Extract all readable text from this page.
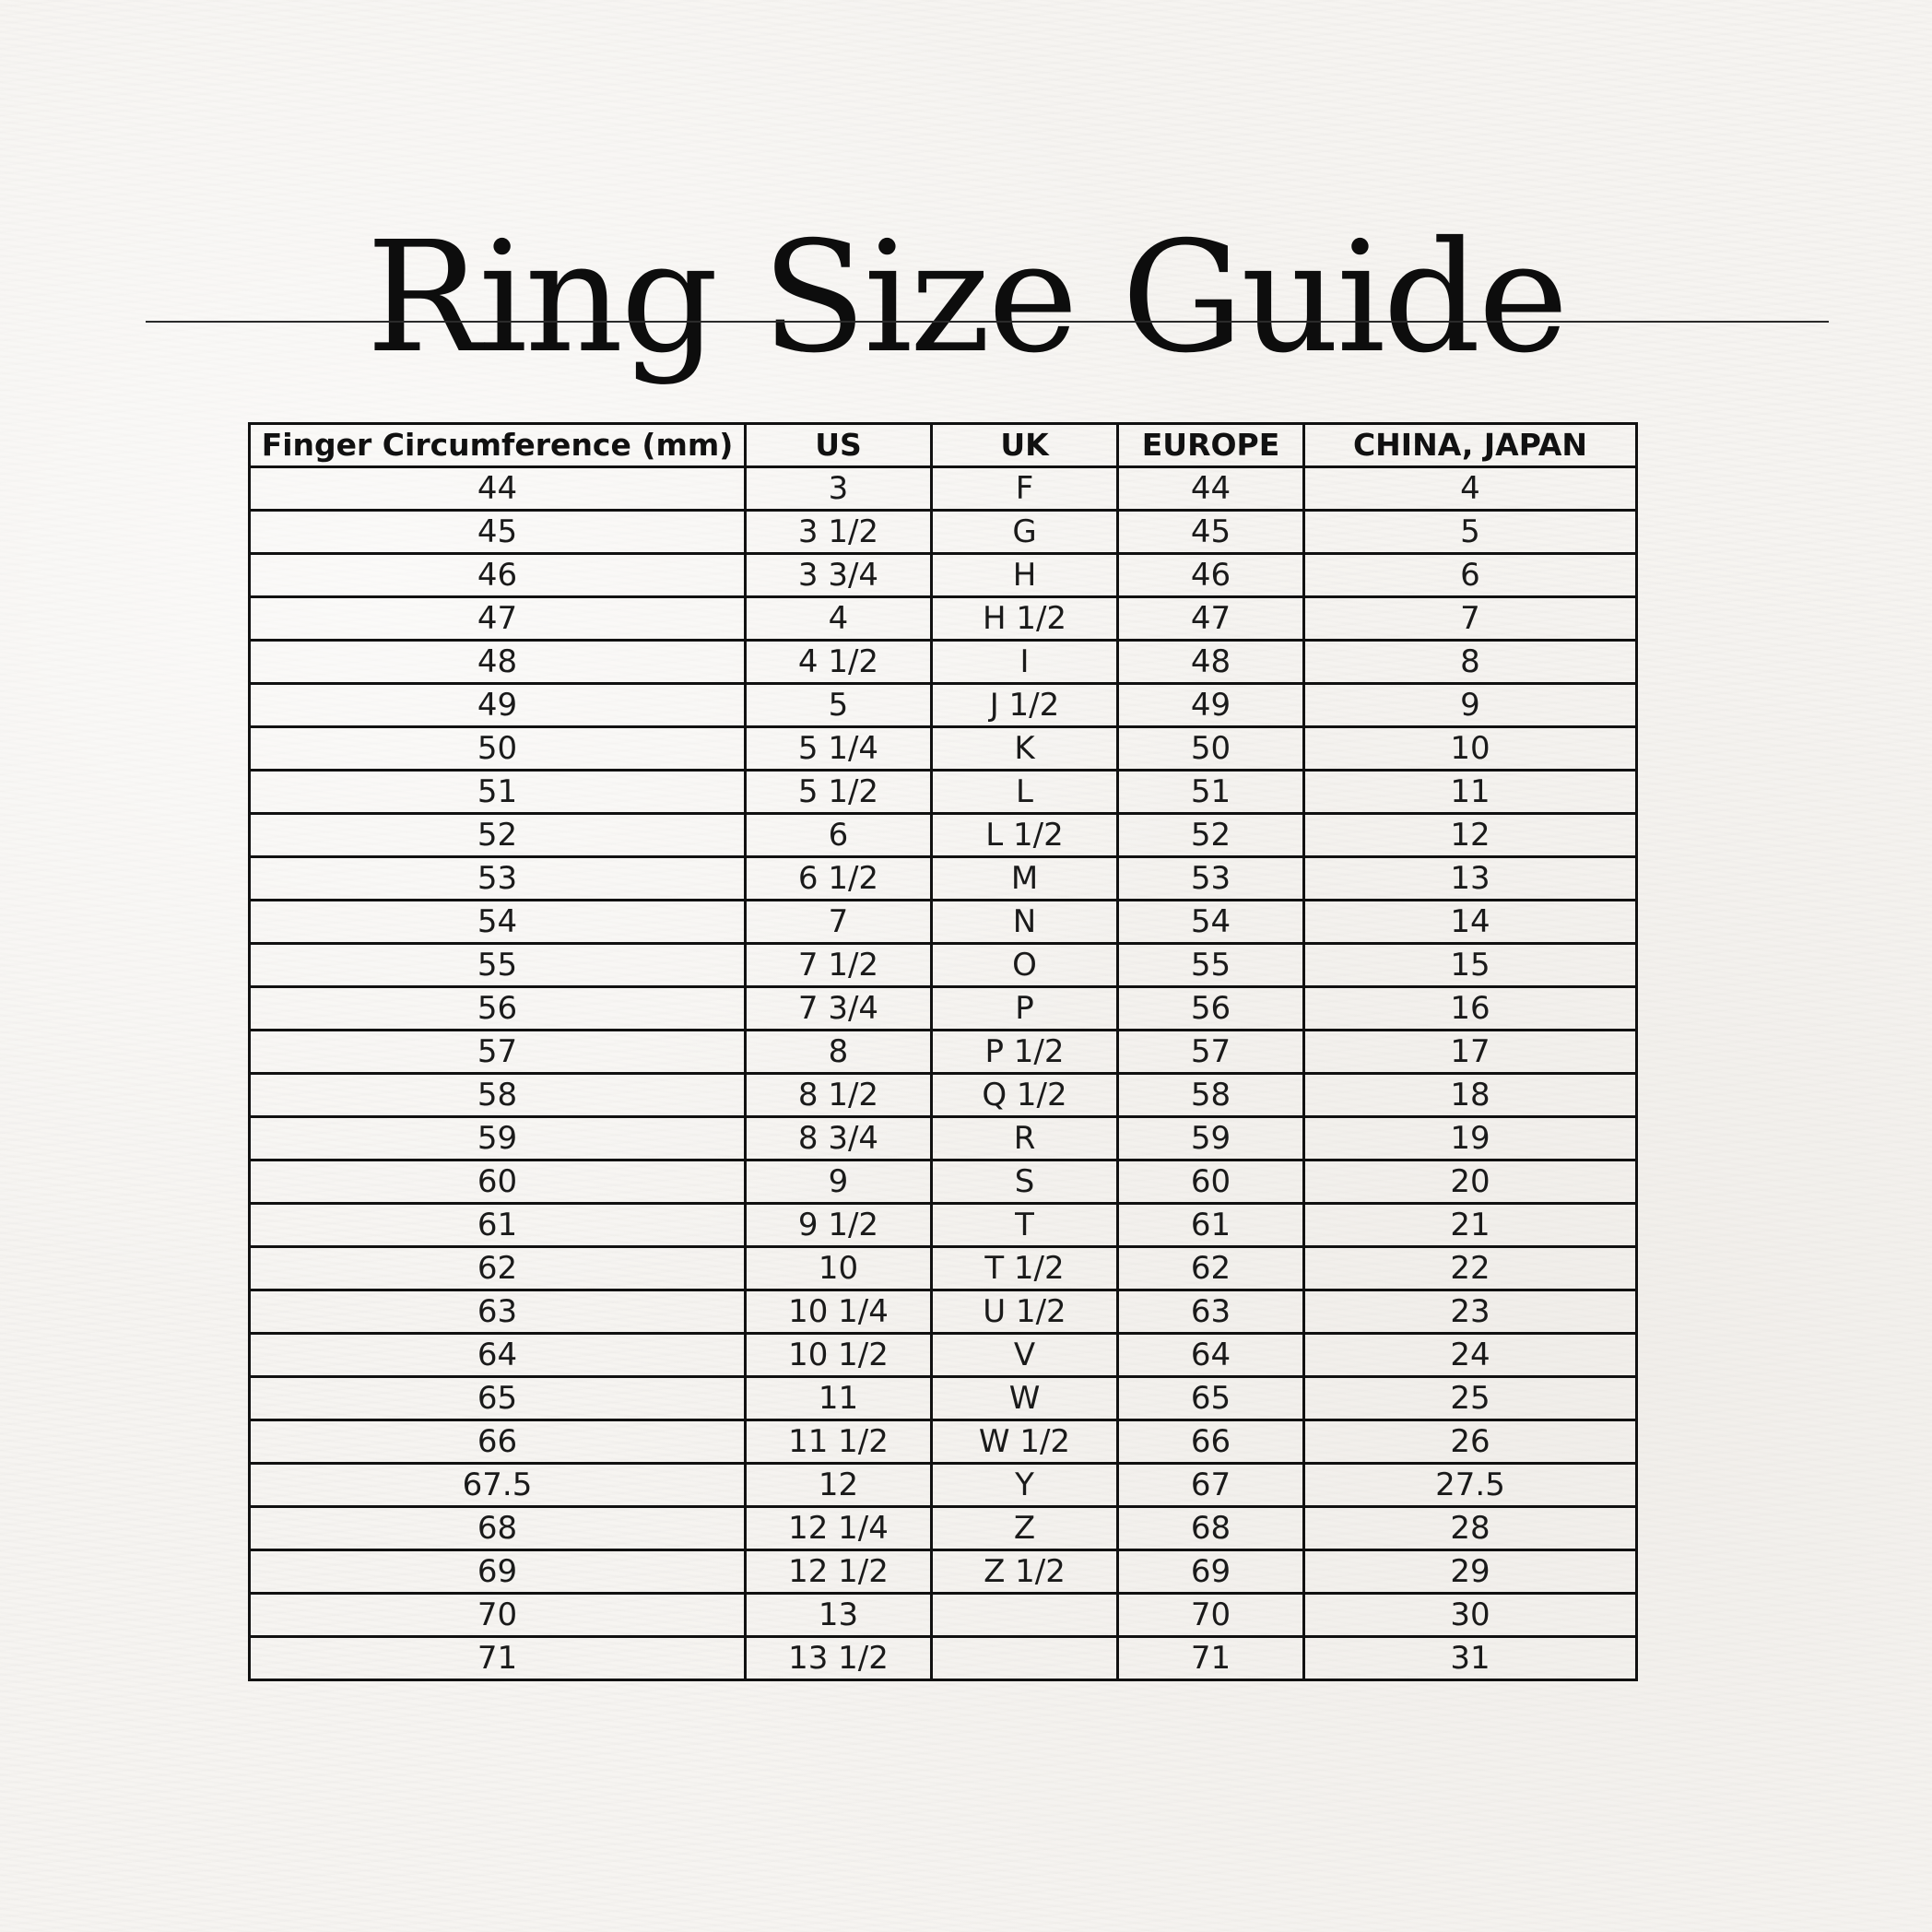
Ring Size Guide
Finger Circumference (mm)	US	UK	EUROPE	CHINA, JAPAN
44	3	F	44	4
45	3 1/2	G	45	5
46	3 3/4	H	46	6
47	4	H 1/2	47	7
48	4 1/2	I	48	8
49	5	J 1/2	49	9
50	5 1/4	K	50	10
51	5 1/2	L	51	11
52	6	L 1/2	52	12
53	6 1/2	M	53	13
54	7	N	54	14
55	7 1/2	O	55	15
56	7 3/4	P	56	16
57	8	P 1/2	57	17
58	8 1/2	Q 1/2	58	18
59	8 3/4	R	59	19
60	9	S	60	20
61	9 1/2	T	61	21
62	10	T 1/2	62	22
63	10 1/4	U 1/2	63	23
64	10 1/2	V	64	24
65	11	W	65	25
66	11 1/2	W 1/2	66	26
67.5	12	Y	67	27.5
68	12 1/4	Z	68	28
69	12 1/2	Z 1/2	69	29
70	13		70	30
71	13 1/2		71	31
